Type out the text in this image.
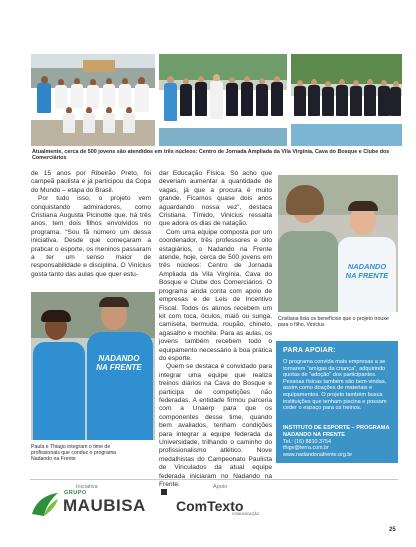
Atualmente, cerca de 500 jovens são atendidos em três núcleos: Centro de Jornada Ampliada da Vila Virgínia, Cava do Bosque e Clube dos Comerciários

de 15 anos por Ribeirão Preto, foi campeã paulista e já participou da Copa do Mundo – etapa do Brasil.

Por tudo isso, o projeto vem conquistando admiradores, como Cristiana Augusta Picinotte que, há três anos, tem dois filhos envolvidos no programa. “Sou fã número um dessa iniciativa. Desde que começaram a praticar o esporte, os meninos passaram a ter um senso maior de responsabilidade e disciplina. O Vinícius gosta tanto das aulas que quer estu-

NADANDO NA FRENTE
Paula e Thiago integram o time de profissionais que conduz o programa Nadando na Frente

dar Educação Física. Só acho que deveriam aumentar a quantidade de vagas, já que a procura é muito grande. Ficamos quase dois anos aguardando nossa vez”, destaca Cristiana. Tímido, Vinicius ressalta que adora os dias de natação.

Com uma equipe composta por um coordenador, três professores e oito estagiários, o Nadando na Frente atende, hoje, cerca de 500 jovens em três núcleos: Centro de Jornada Ampliada da Vila Virgínia, Cava do Bosque e Clube dos Comerciários. O programa ainda conta com apoio de empresas e de Leis de Incentivo Fiscal. Todos os alunos recebem um kit com toca, óculos, maiô ou sunga, camiseta, bermuda, roupão, chinelo, agasalho e mochila. Para as aulas, os jovens também recebem todo o equipamento necessário à boa prática do esporte.

Quem se destaca é convidado para integrar uma equipe que realiza treinos diários na Cava do Bosque e participa de competições não federadas. A entidade firmou parceria com a Unaerp para que os componentes desse time, quando bem avaliados, tenham condições para integrar a equipe federada da Universidade, trilhando o caminho do profissionalismo atlético. Nove medalhistas do Campeonato Paulista de Vinculados da atual equipe federada iniciaram no Nadando na Frente.

NADANDO NA FRENTE
Cristiana lista os benefícios que o projeto trouxe para o filho, Vinícius
PARA APOIAR:
O programa convida mais empresas a se tornarem “amigas da criança”, adquirindo quotas de “adoção” dos participantes. Pessoas físicas também são bem-vindas, assim como doações de materiais e equipamentos. O projeto também busca instituições que tenham piscina e possam ceder o espaço para os treinos.
INSTITUTO DE ESPORTE – PROGRAMA NADANDO NA FRENTE
Tel.: (16) 8810.3754
thigv@terra.com.br
www.nadandonafrente.org.br
Iniciativa	Apoio
GRUPO
MAUBISA ComTexto
COMUNICAÇÃO
25
